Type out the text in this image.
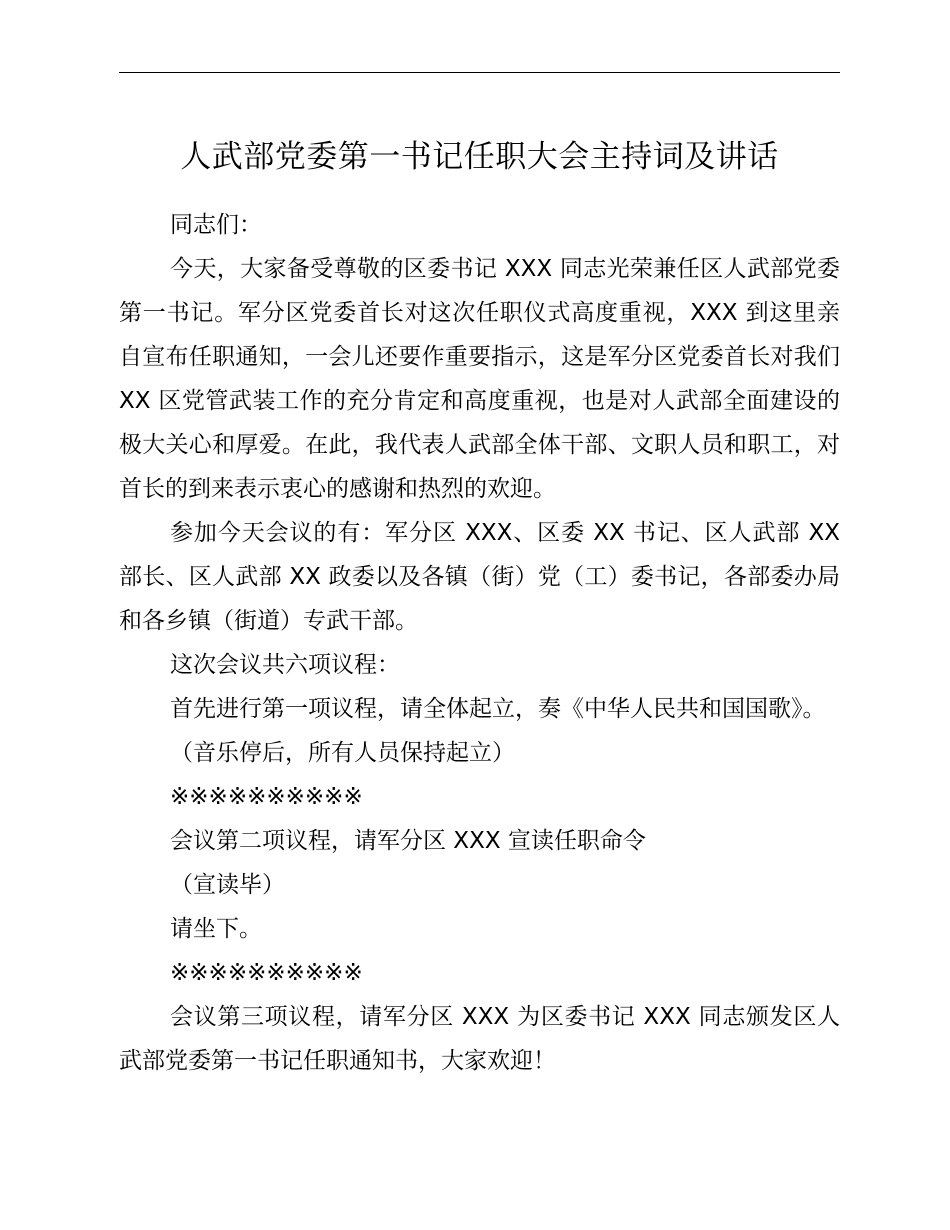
人武部党委第一书记任职大会主持词及讲话

同志们：

今天，大家备受尊敬的区委书记 XXX 同志光荣兼任区人武部党委第一书记。军分区党委首长对这次任职仪式高度重视，XXX 到这里亲自宣布任职通知，一会儿还要作重要指示，这是军分区党委首长对我们 XX 区党管武装工作的充分肯定和高度重视，也是对人武部全面建设的极大关心和厚爱。在此，我代表人武部全体干部、文职人员和职工，对首长的到来表示衷心的感谢和热烈的欢迎。

参加今天会议的有：军分区 XXX、区委 XX 书记、区人武部 XX 部长、区人武部 XX 政委以及各镇（街）党（工）委书记，各部委办局和各乡镇（街道）专武干部。

这次会议共六项议程：

首先进行第一项议程，请全体起立，奏《中华人民共和国国歌》。

（音乐停后，所有人员保持起立）

※※※※※※※※※※

会议第二项议程，请军分区 XXX 宣读任职命令

（宣读毕）

请坐下。

※※※※※※※※※※

会议第三项议程，请军分区 XXX 为区委书记 XXX 同志颁发区人武部党委第一书记任职通知书，大家欢迎！
